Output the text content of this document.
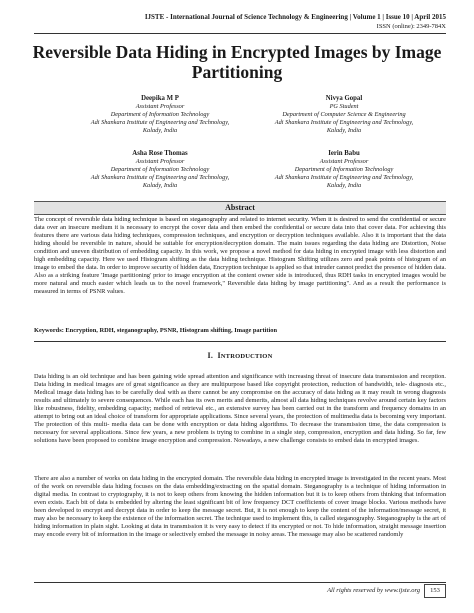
IJSTE - International Journal of Science Technology & Engineering | Volume 1 | Issue 10 | April 2015
ISSN (online): 2349-784X
Reversible Data Hiding in Encrypted Images by Image Partitioning
Deepika M P
Assistant Professor
Department of Information Technology
Adi Shankara Institute of Engineering and Technology,
Kalady, India
Nivya Gopal
PG Student
Department of Computer Science & Engineering
Adi Shankara Institute of Engineering and Technology,
Kalady, India
Asha Rose Thomas
Assistant Professor
Department of Information Technology
Adi Shankara Institute of Engineering and Technology,
Kalady, India
Ierin Babu
Assistant Professor
Department of Information Technology
Adi Shankara Institute of Engineering and Technology,
Kalady, India
Abstract
The concept of reversible data hiding technique is based on steganography and related to internet security. When it is desired to send the confidential or secure data over an insecure medium it is necessary to encrypt the cover data and then embed the confidential or secure data into that cover data. For achieving this features there are various data hiding techniques, compression techniques, and encryption or decryption techniques available. Also it is important that the data hiding should be reversible in nature, should be suitable for encryption/decryption domain. The main issues regarding the data hiding are Distortion, Noise condition and uneven distribution of embedding capacity. In this work, we propose a novel method for data hiding in encrypted image with less distortion and high embedding capacity. Here we used Histogram shifting as the data hiding technique. Histogram Shifting utilizes zero and peak points of histogram of an image to embed the data. In order to improve security of hidden data, Encryption technique is applied so that intruder cannot predict the presence of hidden data. Also as a striking feature 'Image partitioning' prior to image encryption at the content owner side is introduced, thus RDH tasks in encrypted images would be more natural and much easier which leads us to the novel framework," Reversible data hiding by image partitioning". And as a result the performance is measured in terms of PSNR values.
Keywords: Encryption, RDH, steganography, PSNR, Histogram shifting, Image partition
I. INTRODUCTION
Data hiding is an old technique and has been gaining wide spread attention and significance with increasing threat of insecure data transmission and reception. Data hiding in medical images are of great significance as they are multipurpose based like copyright protection, reduction of bandwidth, tele- diagnosis etc., Medical image data hiding has to be carefully deal with as there cannot be any compromise on the accuracy of data hiding as it may result in wrong diagnosis results and ultimately to severe consequences. While each has its own merits and demerits, almost all data hiding techniques revolve around certain key factors like robustness, fidelity, embedding capacity; method of retrieval etc., an extensive survey has been carried out in the transform and frequency domains in an attempt to bring out an ideal choice of transform for appropriate applications. Since several years, the protection of multimedia data is becoming very important. The protection of this multi- media data can be done with encryption or data hiding algorithms. To decrease the transmission time, the data compression is necessary for several applications. Since few years, a new problem is trying to combine in a single step, compression, encryption and data hiding. So far, few solutions have been proposed to combine image encryption and compression. Nowadays, a new challenge consists to embed data in encrypted images.
There are also a number of works on data hiding in the encrypted domain. The reversible data hiding in encrypted image is investigated in the recent years. Most of the work on reversible data hiding focuses on the data embedding/extracting on the spatial domain. Steganography is a technique of hiding information in digital media. In contrast to cryptography, it is not to keep others from knowing the hidden information but it is to keep others from thinking that information even exists. Each bit of data is embedded by altering the least significant bit of low frequency DCT coefficients of cover image blocks. Various methods have been developed to encrypt and decrypt data in order to keep the message secret. But, it is not enough to keep the content of the information/message secret, it may also be necessary to keep the existence of the information secret. The technique used to implement this, is called steganography. Steganography is the art of hiding information in plain sight. Looking at data in transmission it is very easy to detect if its encrypted or not. To hide information, straight message insertion may encode every bit of information in the image or selectively embed the message in noisy areas. The message may also be scattered randomly
All rights reserved by www.ijste.org	153
